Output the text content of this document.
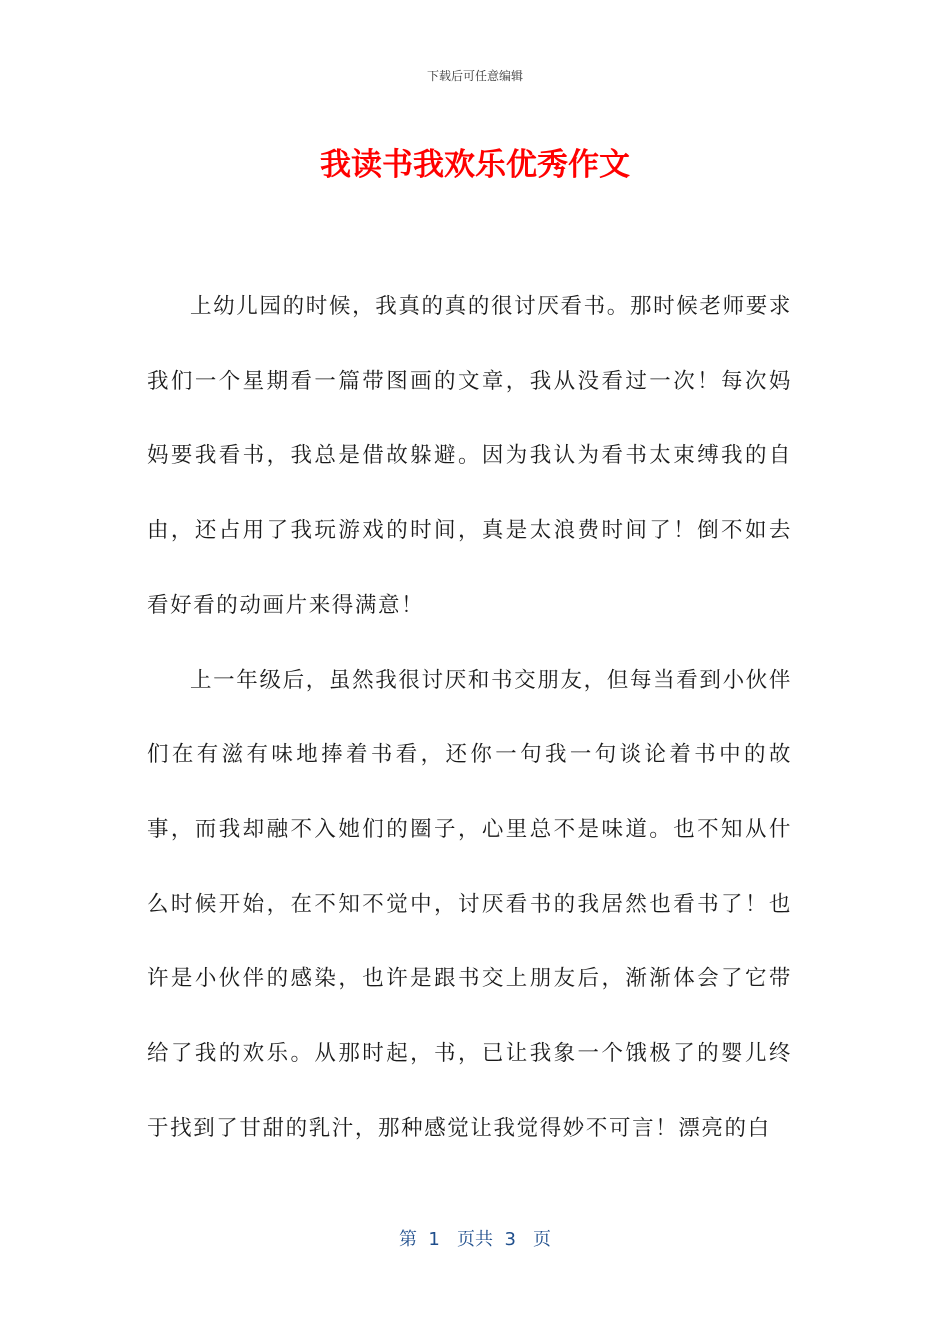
下载后可任意编辑
我读书我欢乐优秀作文

上幼儿园的时候，我真的真的很讨厌看书。那时候老师要求我们一个星期看一篇带图画的文章，我从没看过一次！每次妈妈要我看书，我总是借故躲避。因为我认为看书太束缚我的自由，还占用了我玩游戏的时间，真是太浪费时间了！倒不如去看好看的动画片来得满意！

上一年级后，虽然我很讨厌和书交朋友，但每当看到小伙伴们在有滋有味地捧着书看，还你一句我一句谈论着书中的故事，而我却融不入她们的圈子，心里总不是味道。也不知从什么时候开始，在不知不觉中，讨厌看书的我居然也看书了！也许是小伙伴的感染，也许是跟书交上朋友后，渐渐体会了它带给了我的欢乐。从那时起，书，已让我象一个饿极了的婴儿终于找到了甘甜的乳汁，那种感觉让我觉得妙不可言！漂亮的白

第  1   页共  3   页
